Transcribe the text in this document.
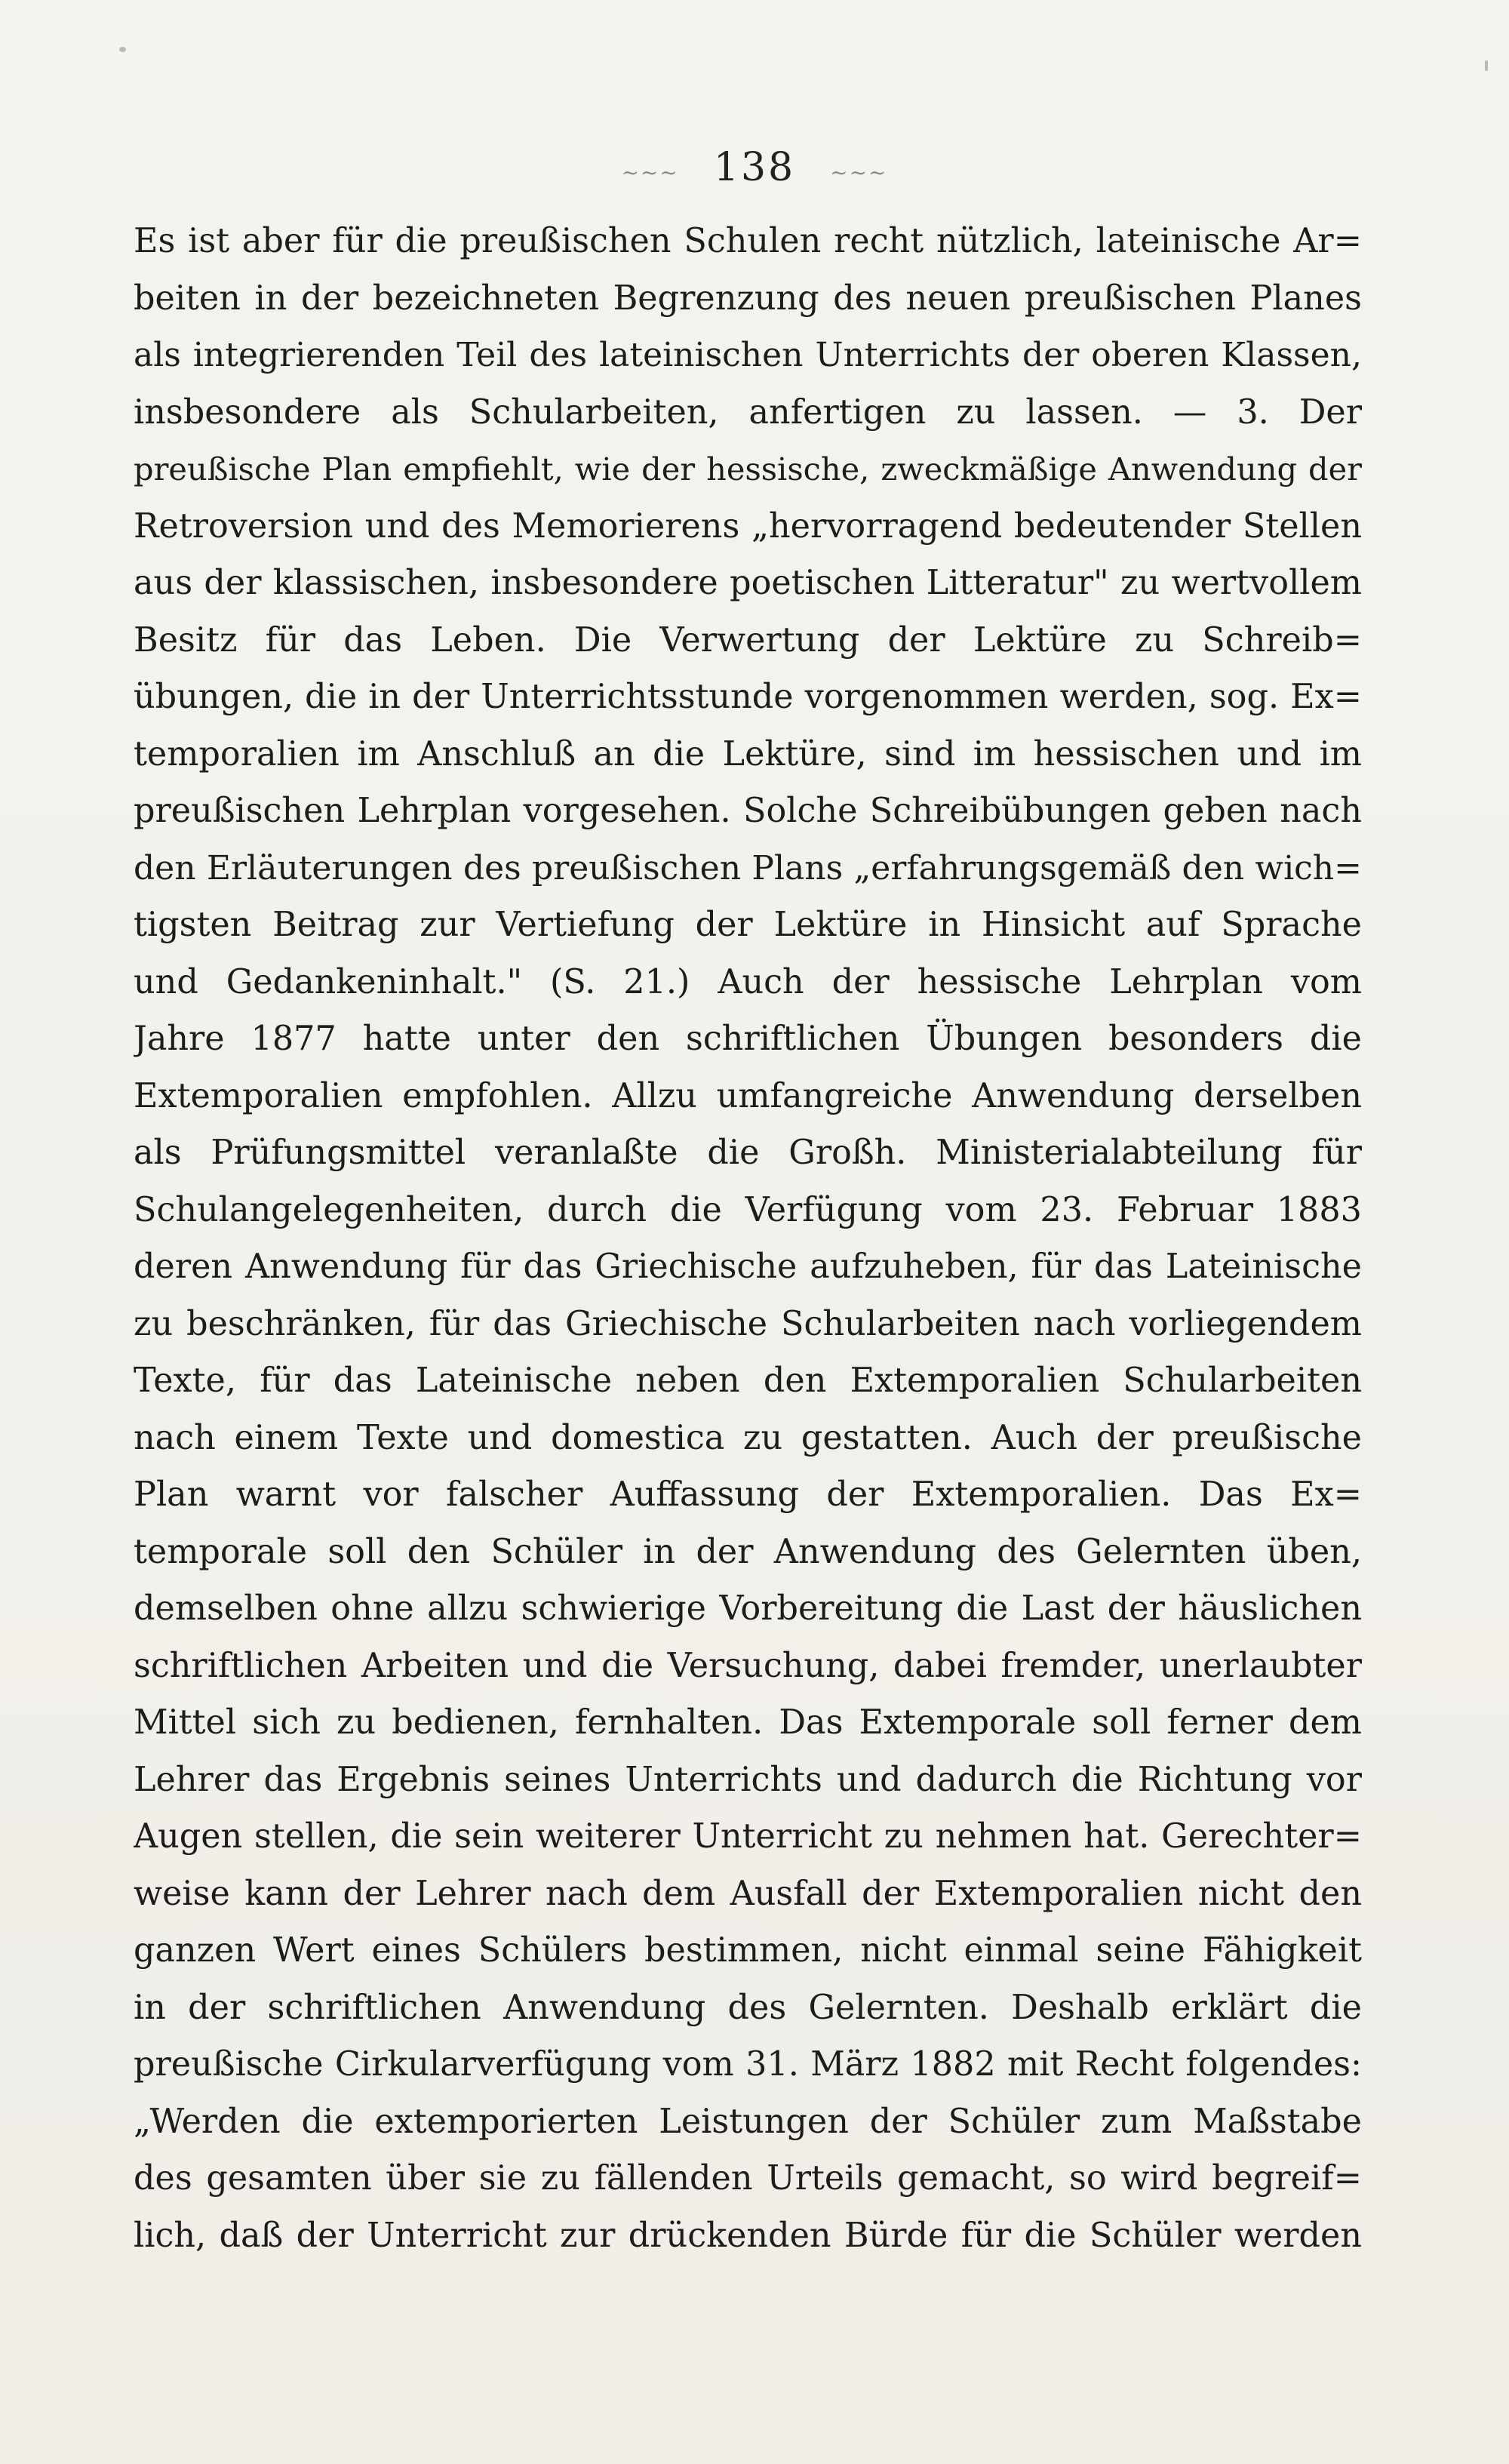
~~~ 138 ~~~
Es ist aber für die preußischen Schulen recht nützlich, lateinische Ar=
beiten in der bezeichneten Begrenzung des neuen preußischen Planes
als integrierenden Teil des lateinischen Unterrichts der oberen Klassen,
insbesondere als Schularbeiten, anfertigen zu lassen. — 3. Der
preußische Plan empfiehlt, wie der hessische, zweckmäßige Anwendung der
Retroversion und des Memorierens „hervorragend bedeutender Stellen
aus der klassischen, insbesondere poetischen Litteratur" zu wertvollem
Besitz für das Leben. Die Verwertung der Lektüre zu Schreib=
übungen, die in der Unterrichtsstunde vorgenommen werden, sog. Ex=
temporalien im Anschluß an die Lektüre, sind im hessischen und im
preußischen Lehrplan vorgesehen. Solche Schreibübungen geben nach
den Erläuterungen des preußischen Plans „erfahrungsgemäß den wich=
tigsten Beitrag zur Vertiefung der Lektüre in Hinsicht auf Sprache
und Gedankeninhalt." (S. 21.) Auch der hessische Lehrplan vom
Jahre 1877 hatte unter den schriftlichen Übungen besonders die
Extemporalien empfohlen. Allzu umfangreiche Anwendung derselben
als Prüfungsmittel veranlaßte die Großh. Ministerialabteilung für
Schulangelegenheiten, durch die Verfügung vom 23. Februar 1883
deren Anwendung für das Griechische aufzuheben, für das Lateinische
zu beschränken, für das Griechische Schularbeiten nach vorliegendem
Texte, für das Lateinische neben den Extemporalien Schularbeiten
nach einem Texte und domestica zu gestatten. Auch der preußische
Plan warnt vor falscher Auffassung der Extemporalien. Das Ex=
temporale soll den Schüler in der Anwendung des Gelernten üben,
demselben ohne allzu schwierige Vorbereitung die Last der häuslichen
schriftlichen Arbeiten und die Versuchung, dabei fremder, unerlaubter
Mittel sich zu bedienen, fernhalten. Das Extemporale soll ferner dem
Lehrer das Ergebnis seines Unterrichts und dadurch die Richtung vor
Augen stellen, die sein weiterer Unterricht zu nehmen hat. Gerechter=
weise kann der Lehrer nach dem Ausfall der Extemporalien nicht den
ganzen Wert eines Schülers bestimmen, nicht einmal seine Fähigkeit
in der schriftlichen Anwendung des Gelernten. Deshalb erklärt die
preußische Cirkularverfügung vom 31. März 1882 mit Recht folgendes:
„Werden die extemporierten Leistungen der Schüler zum Maßstabe
des gesamten über sie zu fällenden Urteils gemacht, so wird begreif=
lich, daß der Unterricht zur drückenden Bürde für die Schüler werden
